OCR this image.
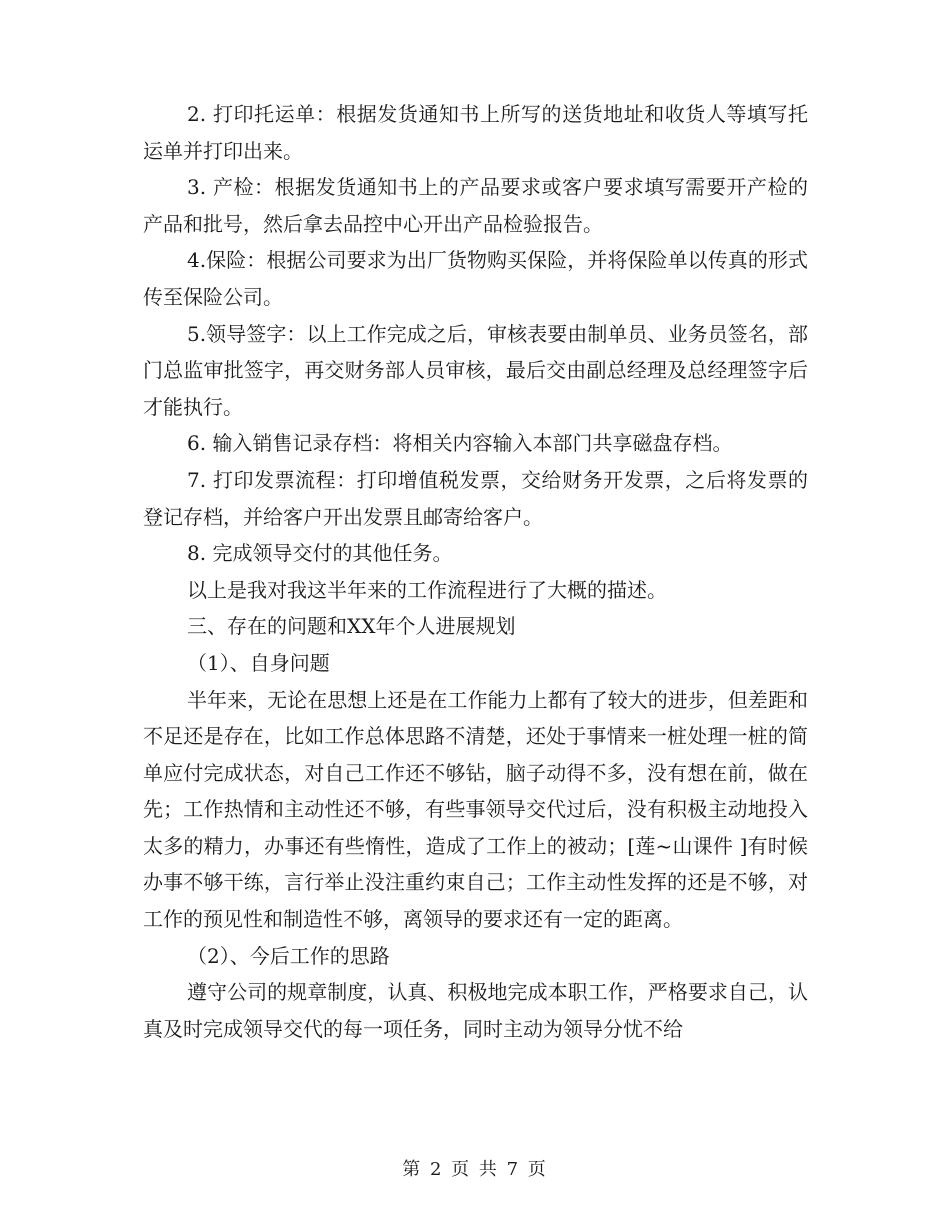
2. 打印托运单：根据发货通知书上所写的送货地址和收货人等填写托运单并打印出来。

3. 产检：根据发货通知书上的产品要求或客户要求填写需要开产检的产品和批号，然后拿去品控中心开出产品检验报告。

4.保险：根据公司要求为出厂货物购买保险，并将保险单以传真的形式传至保险公司。

5.领导签字：以上工作完成之后，审核表要由制单员、业务员签名，部门总监审批签字，再交财务部人员审核，最后交由副总经理及总经理签字后才能执行。

6. 输入销售记录存档：将相关内容输入本部门共享磁盘存档。

7. 打印发票流程：打印增值税发票，交给财务开发票，之后将发票的登记存档，并给客户开出发票且邮寄给客户。

8. 完成领导交付的其他任务。

以上是我对我这半年来的工作流程进行了大概的描述。

三、存在的问题和XX年个人进展规划

（1）、自身问题

半年来，无论在思想上还是在工作能力上都有了较大的进步，但差距和不足还是存在，比如工作总体思路不清楚，还处于事情来一桩处理一桩的简单应付完成状态，对自己工作还不够钻，脑子动得不多，没有想在前，做在先；工作热情和主动性还不够，有些事领导交代过后，没有积极主动地投入太多的精力，办事还有些惰性，造成了工作上的被动；[莲~山课件 ]有时候办事不够干练，言行举止没注重约束自己；工作主动性发挥的还是不够，对工作的预见性和制造性不够，离领导的要求还有一定的距离。

（2）、今后工作的思路

遵守公司的规章制度，认真、积极地完成本职工作，严格要求自己，认真及时完成领导交代的每一项任务，同时主动为领导分忧不给

第 2 页 共 7 页
